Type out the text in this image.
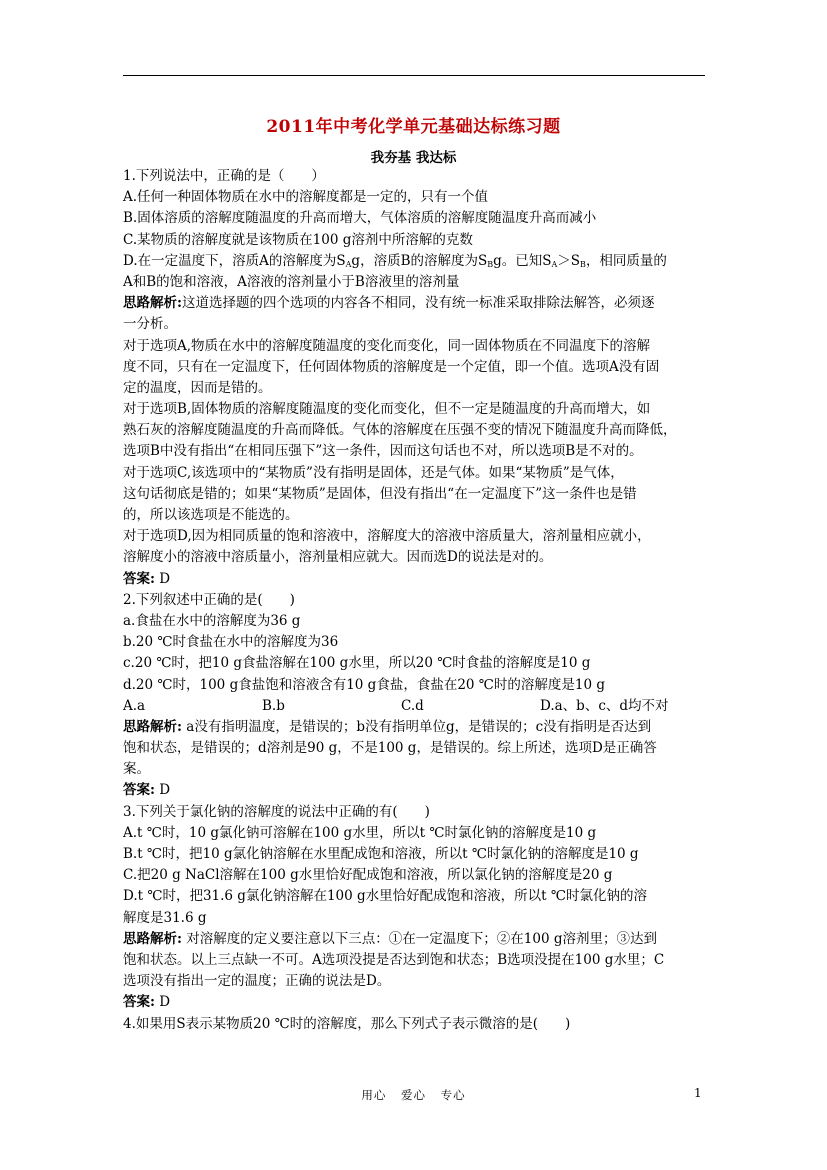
2011年中考化学单元基础达标练习题
我夯基 我达标
1.下列说法中，正确的是（　　）
A.任何一种固体物质在水中的溶解度都是一定的，只有一个值
B.固体溶质的溶解度随温度的升高而增大，气体溶质的溶解度随温度升高而减小
C.某物质的溶解度就是该物质在100 g溶剂中所溶解的克数
D.在一定温度下，溶质A的溶解度为$S_Ag$，溶质B的溶解度为$S_Bg$。已知$S_A>S_B$，相同质量的
A和B的饱和溶液，A溶液的溶剂量小于B溶液里的溶剂量
思路解析:这道选择题的四个选项的内容各不相同，没有统一标准采取排除法解答，必须逐
一分析。
对于选项A,物质在水中的溶解度随温度的变化而变化，同一固体物质在不同温度下的溶解
度不同，只有在一定温度下，任何固体物质的溶解度是一个定值，即一个值。选项A没有固
定的温度，因而是错的。
对于选项B,固体物质的溶解度随温度的变化而变化，但不一定是随温度的升高而增大，如
熟石灰的溶解度随温度的升高而降低。气体的溶解度在压强不变的情况下随温度升高而降低，
选项B中没有指出“在相同压强下”这一条件，因而这句话也不对，所以选项B是不对的。
对于选项C,该选项中的“某物质”没有指明是固体，还是气体。如果“某物质”是气体，
这句话彻底是错的；如果“某物质”是固体，但没有指出“在一定温度下”这一条件也是错
的，所以该选项是不能选的。
对于选项D,因为相同质量的饱和溶液中，溶解度大的溶液中溶质量大，溶剂量相应就小，
溶解度小的溶液中溶质量小，溶剂量相应就大。因而选D的说法是对的。
答案: D
2.下列叙述中正确的是(　　)
a.食盐在水中的溶解度为36 g
b.20 ℃时食盐在水中的溶解度为36
c.20 ℃时，把10 g食盐溶解在100 g水里，所以20 ℃时食盐的溶解度是10 g
d.20 ℃时，100 g食盐饱和溶液含有10 g食盐，食盐在20 ℃时的溶解度是10 g
A.a	B.b	C.d	D.a、b、c、d均不对
思路解析: a没有指明温度，是错误的；b没有指明单位g，是错误的；c没有指明是否达到
饱和状态，是错误的；d溶剂是90 g，不是100 g，是错误的。综上所述，选项D是正确答
案。
答案: D
3.下列关于氯化钠的溶解度的说法中正确的有(　　)
A.t ℃时，10 g氯化钠可溶解在100 g水里，所以t ℃时氯化钠的溶解度是10 g
B.t ℃时，把10 g氯化钠溶解在水里配成饱和溶液，所以t ℃时氯化钠的溶解度是10 g
C.把20 g NaCl溶解在100 g水里恰好配成饱和溶液，所以氯化钠的溶解度是20 g
D.t ℃时，把31.6 g氯化钠溶解在100 g水里恰好配成饱和溶液，所以t ℃时氯化钠的溶
解度是31.6 g
思路解析: 对溶解度的定义要注意以下三点：①在一定温度下；②在100 g溶剂里；③达到
饱和状态。以上三点缺一不可。A选项没提是否达到饱和状态；B选项没提在100 g水里；C
选项没有指出一定的温度；正确的说法是D。
答案: D
4.如果用S表示某物质20 ℃时的溶解度，那么下列式子表示微溶的是(　　)
用心 爱心 专心	1
